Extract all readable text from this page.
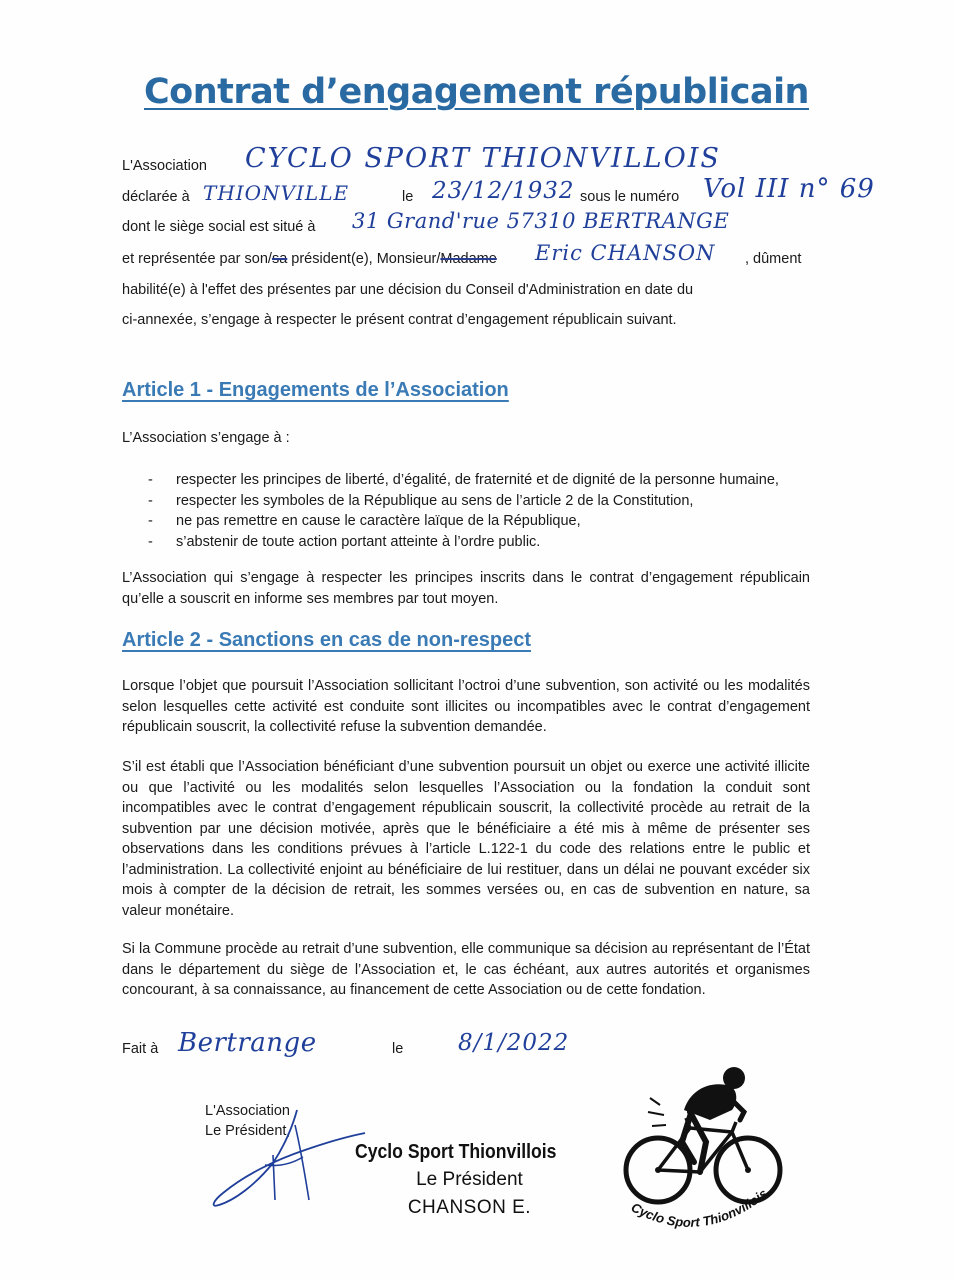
Contrat d’engagement républicain
L'Association CYCLO SPORT THIONVILLOIS
déclarée à THIONVILLE	le 23/12/1932 sous le numéro Vol III n° 69
dont le siège social est situé à 31 Grand'rue 57310 BERTRANGE
et représentée par son/sa président(e), Monsieur/Madame Eric CHANSON , dûment
habilité(e) à l'effet des présentes par une décision du Conseil d'Administration en date du
ci-annexée, s’engage à respecter le présent contrat d’engagement républicain suivant.
Article 1 - Engagements de l’Association
L’Association s’engage à :
- respecter les principes de liberté, d’égalité, de fraternité et de dignité de la personne humaine,
- respecter les symboles de la République au sens de l’article 2 de la Constitution,
- ne pas remettre en cause le caractère laïque de la République,
- s’abstenir de toute action portant atteinte à l’ordre public.
L’Association qui s’engage à respecter les principes inscrits dans le contrat d’engagement républicain qu’elle a souscrit en informe ses membres par tout moyen.
Article 2 - Sanctions en cas de non-respect
Lorsque l’objet que poursuit l’Association sollicitant l’octroi d’une subvention, son activité ou les modalités selon lesquelles cette activité est conduite sont illicites ou incompatibles avec le contrat d’engagement républicain souscrit, la collectivité refuse la subvention demandée.
S’il est établi que l’Association bénéficiant d’une subvention poursuit un objet ou exerce une activité illicite ou que l’activité ou les modalités selon lesquelles l’Association ou la fondation la conduit sont incompatibles avec le contrat d’engagement républicain souscrit, la collectivité procède au retrait de la subvention par une décision motivée, après que le bénéficiaire a été mis à même de présenter ses observations dans les conditions prévues à l’article L.122-1 du code des relations entre le public et l’administration. La collectivité enjoint au bénéficiaire de lui restituer, dans un délai ne pouvant excéder six mois à compter de la décision de retrait, les sommes versées ou, en cas de subvention en nature, sa valeur monétaire.
Si la Commune procède au retrait d’une subvention, elle communique sa décision au représentant de l’État dans le département du siège de l’Association et, le cas échéant, aux autres autorités et organismes concourant, à sa connaissance, au financement de cette Association ou de cette fondation.
Fait à Bertrange	le 8/1/2022
L'Association
Le Président,
Cyclo Sport Thionvillois
Le Président
CHANSON E.	Cyclo Sport Thionvillois
